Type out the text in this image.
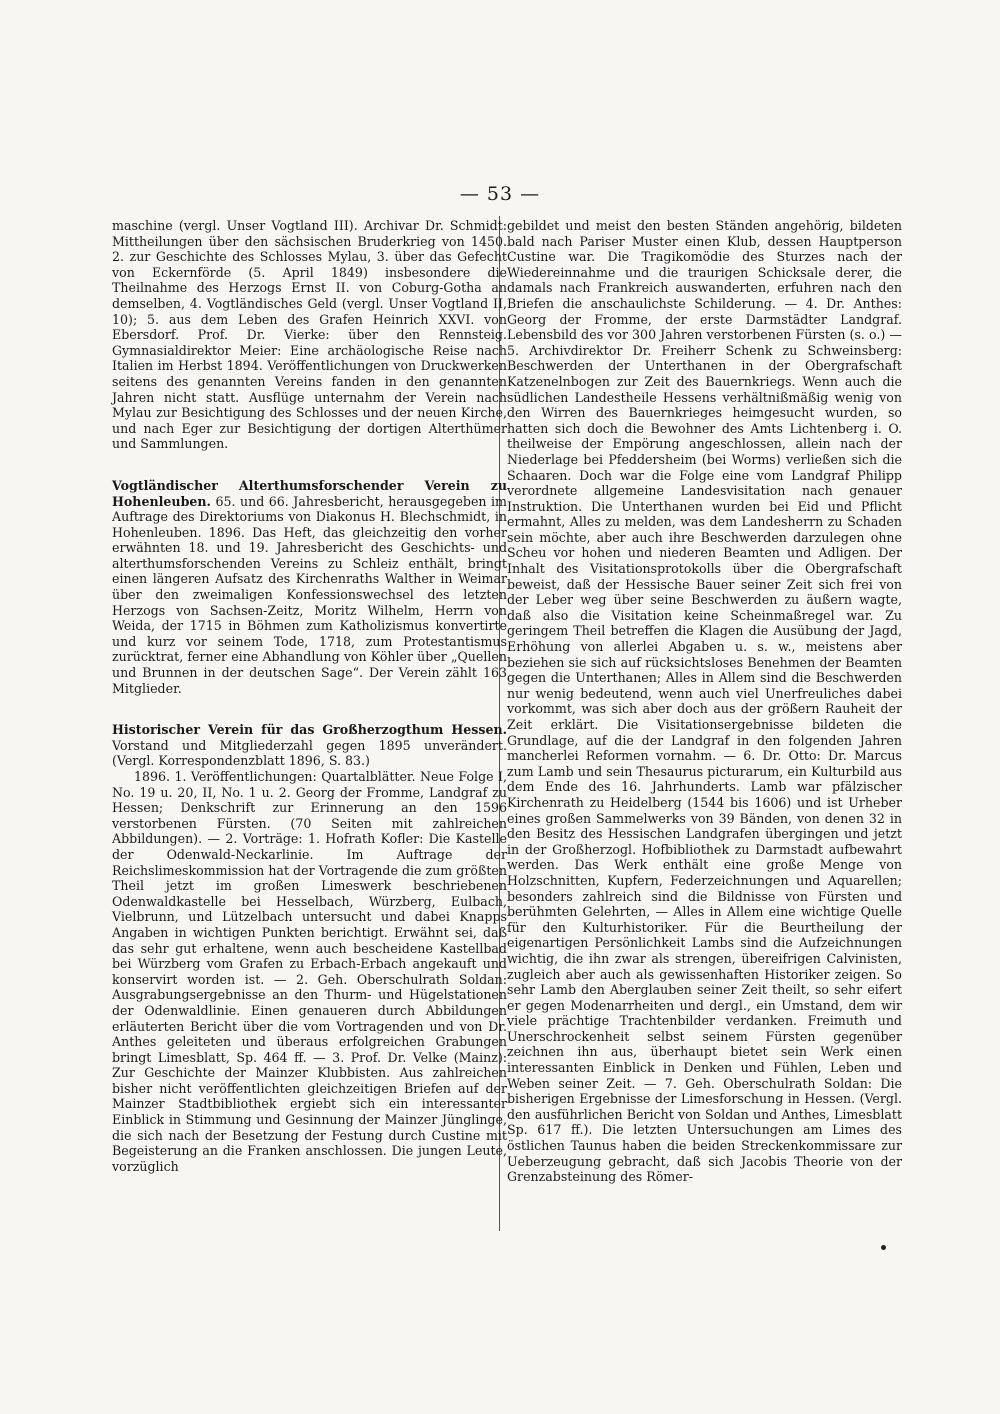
— 53 —

maschine (vergl. Unser Vogtland III). Archivar Dr. Schmidt: Mittheilungen über den sächsischen Bruderkrieg von 1450. 2. zur Geschichte des Schlosses Mylau, 3. über das Gefecht von Eckernförde (5. April 1849) insbesondere die Theilnahme des Herzogs Ernst II. von Coburg-Gotha an demselben, 4. Vogtländisches Geld (vergl. Unser Vogtland II, 10); 5. aus dem Leben des Grafen Heinrich XXVI. von Ebersdorf. Prof. Dr. Vierke: über den Rennsteig. Gymnasialdirektor Meier: Eine archäologische Reise nach Italien im Herbst 1894. Veröffentlichungen von Druckwerken seitens des genannten Vereins fanden in den genannten Jahren nicht statt. Ausflüge unternahm der Verein nach Mylau zur Besichtigung des Schlosses und der neuen Kirche, und nach Eger zur Besichtigung der dortigen Alterthümer und Sammlungen.

Vogtländischer Alterthumsforschender Verein zu Hohenleuben. 65. und 66. Jahresbericht, herausgegeben im Auftrage des Direktoriums von Diakonus H. Blechschmidt, in Hohenleuben. 1896. Das Heft, das gleichzeitig den vorher erwähnten 18. und 19. Jahresbericht des Geschichts- und alterthumsforschenden Vereins zu Schleiz enthält, bringt einen längeren Aufsatz des Kirchenraths Walther in Weimar über den zweimaligen Konfessionswechsel des letzten Herzogs von Sachsen-Zeitz, Moritz Wilhelm, Herrn von Weida, der 1715 in Böhmen zum Katholizismus konvertirte und kurz vor seinem Tode, 1718, zum Protestantismus zurücktrat, ferner eine Abhandlung von Köhler über „Quellen und Brunnen in der deutschen Sage“. Der Verein zählt 163 Mitglieder.

Historischer Verein für das Großherzogthum Hessen. Vorstand und Mitgliederzahl gegen 1895 unverändert. (Vergl. Korrespondenzblatt 1896, S. 83.)

1896. 1. Veröffentlichungen: Quartalblätter. Neue Folge I, No. 19 u. 20, II, No. 1 u. 2. Georg der Fromme, Landgraf zu Hessen; Denkschrift zur Erinnerung an den 1596 verstorbenen Fürsten. (70 Seiten mit zahlreichen Abbildungen). — 2. Vorträge: 1. Hofrath Kofler: Die Kastelle der Odenwald-Neckarlinie. Im Auftrage der Reichslimeskommission hat der Vortragende die zum größten Theil jetzt im großen Limeswerk beschriebenen Odenwaldkastelle bei Hesselbach, Würzberg, Eulbach, Vielbrunn, und Lützelbach untersucht und dabei Knapps Angaben in wichtigen Punkten berichtigt. Erwähnt sei, daß das sehr gut erhaltene, wenn auch bescheidene Kastellbad bei Würzberg vom Grafen zu Erbach-Erbach angekauft und konservirt worden ist. — 2. Geh. Oberschulrath Soldan: Ausgrabungsergebnisse an den Thurm- und Hügelstationen der Odenwaldlinie. Einen genaueren durch Abbildungen erläuterten Bericht über die vom Vortragenden und von Dr. Anthes geleiteten und überaus erfolgreichen Grabungen bringt Limesblatt, Sp. 464 ff. — 3. Prof. Dr. Velke (Mainz): Zur Geschichte der Mainzer Klubbisten. Aus zahlreichen bisher nicht veröffentlichten gleichzeitigen Briefen auf der Mainzer Stadtbibliothek ergiebt sich ein interessanter Einblick in Stimmung und Gesinnung der Mainzer Jünglinge, die sich nach der Besetzung der Festung durch Custine mit Begeisterung an die Franken anschlossen. Die jungen Leute, vorzüglich

gebildet und meist den besten Ständen angehörig, bildeten bald nach Pariser Muster einen Klub, dessen Hauptperson Custine war. Die Tragikomödie des Sturzes nach der Wiedereinnahme und die traurigen Schicksale derer, die damals nach Frankreich auswanderten, erfuhren nach den Briefen die anschaulichste Schilderung. — 4. Dr. Anthes: Georg der Fromme, der erste Darmstädter Landgraf. Lebensbild des vor 300 Jahren verstorbenen Fürsten (s. o.) — 5. Archivdirektor Dr. Freiherr Schenk zu Schweinsberg: Beschwerden der Unterthanen in der Obergrafschaft Katzenelnbogen zur Zeit des Bauernkriegs. Wenn auch die südlichen Landestheile Hessens verhältnißmäßig wenig von den Wirren des Bauernkrieges heimgesucht wurden, so hatten sich doch die Bewohner des Amts Lichtenberg i. O. theilweise der Empörung angeschlossen, allein nach der Niederlage bei Pfeddersheim (bei Worms) verließen sich die Schaaren. Doch war die Folge eine vom Landgraf Philipp verordnete allgemeine Landesvisitation nach genauer Instruktion. Die Unterthanen wurden bei Eid und Pflicht ermahnt, Alles zu melden, was dem Landesherrn zu Schaden sein möchte, aber auch ihre Beschwerden darzulegen ohne Scheu vor hohen und niederen Beamten und Adligen. Der Inhalt des Visitationsprotokolls über die Obergrafschaft beweist, daß der Hessische Bauer seiner Zeit sich frei von der Leber weg über seine Beschwerden zu äußern wagte, daß also die Visitation keine Scheinmaßregel war. Zu geringem Theil betreffen die Klagen die Ausübung der Jagd, Erhöhung von allerlei Abgaben u. s. w., meistens aber beziehen sie sich auf rücksichtsloses Benehmen der Beamten gegen die Unterthanen; Alles in Allem sind die Beschwerden nur wenig bedeutend, wenn auch viel Unerfreuliches dabei vorkommt, was sich aber doch aus der größern Rauheit der Zeit erklärt. Die Visitationsergebnisse bildeten die Grundlage, auf die der Landgraf in den folgenden Jahren mancherlei Reformen vornahm. — 6. Dr. Otto: Dr. Marcus zum Lamb und sein Thesaurus picturarum, ein Kulturbild aus dem Ende des 16. Jahrhunderts. Lamb war pfälzischer Kirchenrath zu Heidelberg (1544 bis 1606) und ist Urheber eines großen Sammelwerks von 39 Bänden, von denen 32 in den Besitz des Hessischen Landgrafen übergingen und jetzt in der Großherzogl. Hofbibliothek zu Darmstadt aufbewahrt werden. Das Werk enthält eine große Menge von Holzschnitten, Kupfern, Federzeichnungen und Aquarellen; besonders zahlreich sind die Bildnisse von Fürsten und berühmten Gelehrten, — Alles in Allem eine wichtige Quelle für den Kulturhistoriker. Für die Beurtheilung der eigenartigen Persönlichkeit Lambs sind die Aufzeichnungen wichtig, die ihn zwar als strengen, übereifrigen Calvinisten, zugleich aber auch als gewissenhaften Historiker zeigen. So sehr Lamb den Aberglauben seiner Zeit theilt, so sehr eifert er gegen Modenarrheiten und dergl., ein Umstand, dem wir viele prächtige Trachtenbilder verdanken. Freimuth und Unerschrockenheit selbst seinem Fürsten gegenüber zeichnen ihn aus, überhaupt bietet sein Werk einen interessanten Einblick in Denken und Fühlen, Leben und Weben seiner Zeit. — 7. Geh. Oberschulrath Soldan: Die bisherigen Ergebnisse der Limesforschung in Hessen. (Vergl. den ausführlichen Bericht von Soldan und Anthes, Limesblatt Sp. 617 ff.). Die letzten Untersuchungen am Limes des östlichen Taunus haben die beiden Streckenkommissare zur Ueberzeugung gebracht, daß sich Jacobis Theorie von der Grenzabsteinung des Römer-
